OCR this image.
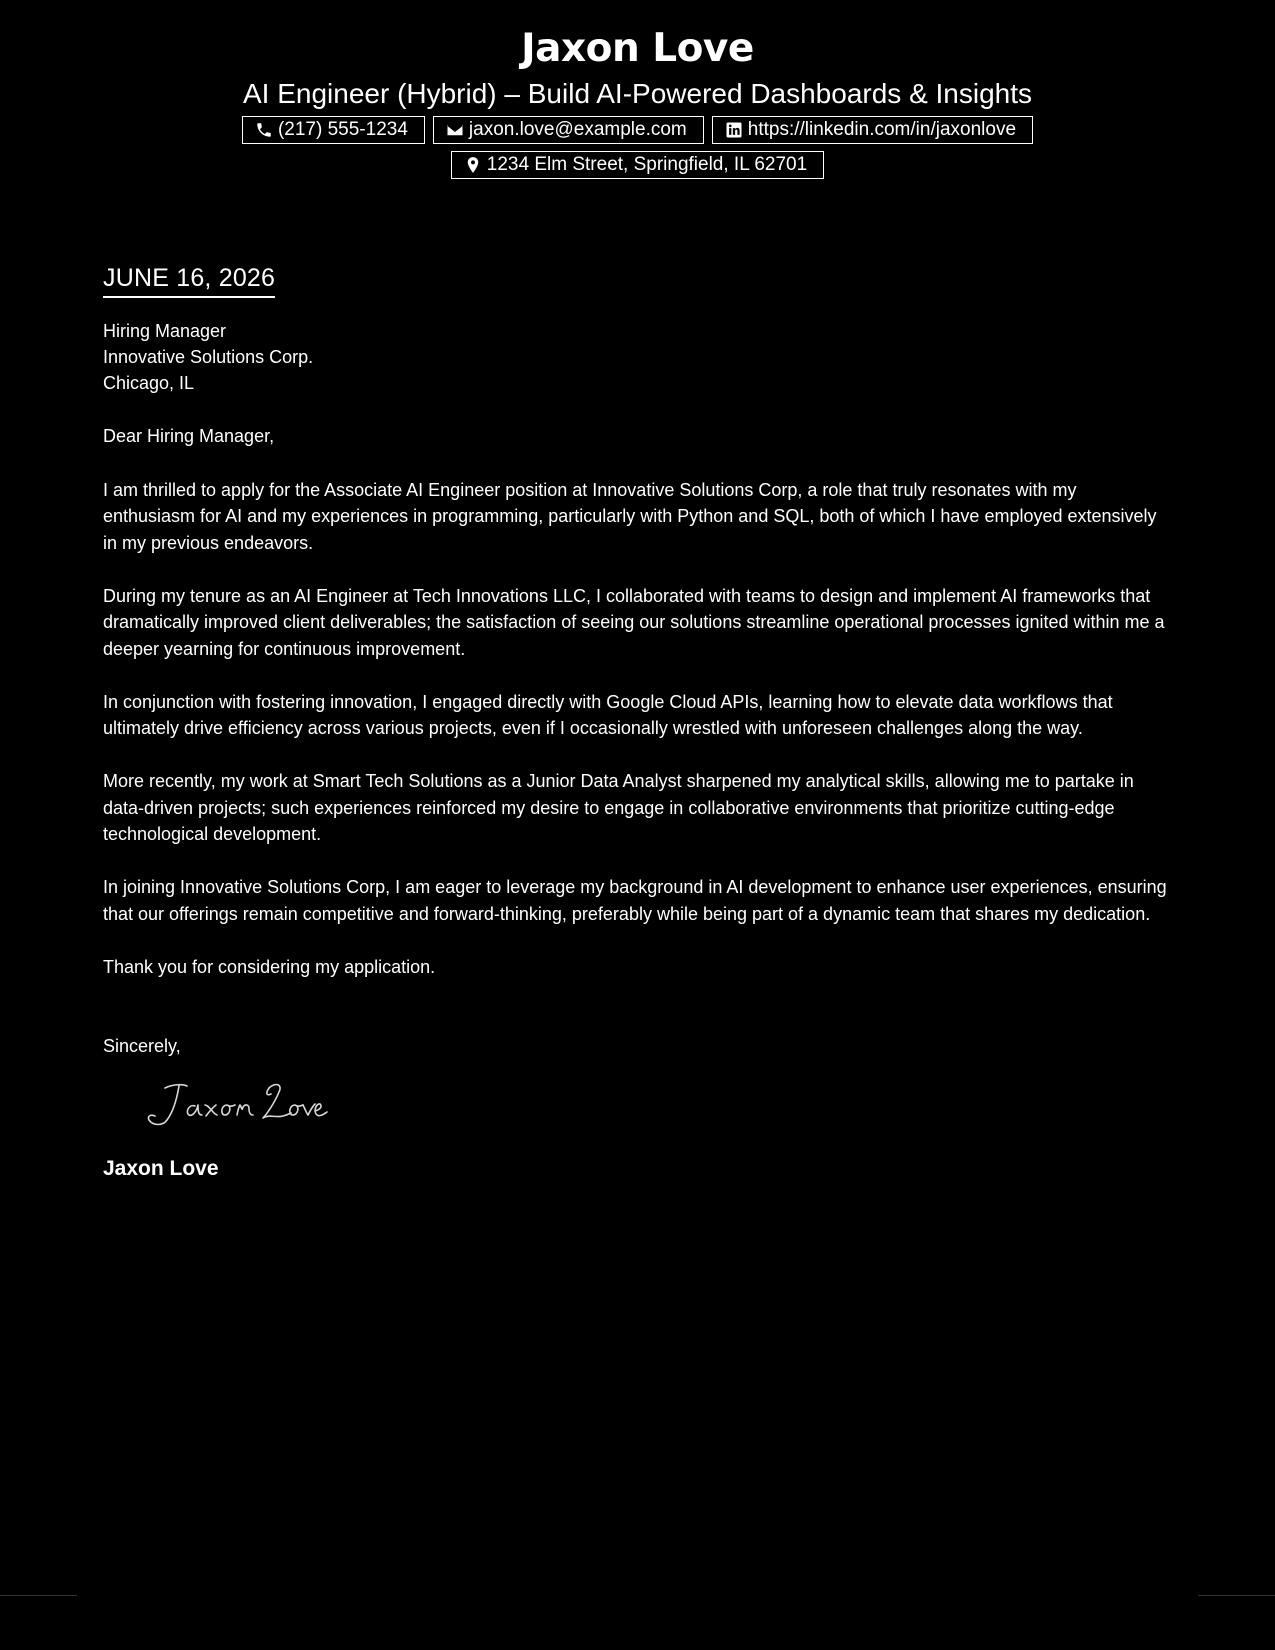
Jaxon Love
AI Engineer (Hybrid) – Build AI-Powered Dashboards & Insights
(217) 555-1234	jaxon.love@example.com	https://linkedin.com/in/jaxonlove
1234 Elm Street, Springfield, IL 62701
JUNE 16, 2026
Hiring Manager
Innovative Solutions Corp.
Chicago, IL
Dear Hiring Manager,

I am thrilled to apply for the Associate AI Engineer position at Innovative Solutions Corp, a role that truly resonates with my enthusiasm for AI and my experiences in programming, particularly with Python and SQL, both of which I have employed extensively in my previous endeavors.

During my tenure as an AI Engineer at Tech Innovations LLC, I collaborated with teams to design and implement AI frameworks that dramatically improved client deliverables; the satisfaction of seeing our solutions streamline operational processes ignited within me a deeper yearning for continuous improvement.

In conjunction with fostering innovation, I engaged directly with Google Cloud APIs, learning how to elevate data workflows that ultimately drive efficiency across various projects, even if I occasionally wrestled with unforeseen challenges along the way.

More recently, my work at Smart Tech Solutions as a Junior Data Analyst sharpened my analytical skills, allowing me to partake in data-driven projects; such experiences reinforced my desire to engage in collaborative environments that prioritize cutting-edge technological development.

In joining Innovative Solutions Corp, I am eager to leverage my background in AI development to enhance user experiences, ensuring that our offerings remain competitive and forward-thinking, preferably while being part of a dynamic team that shares my dedication.

Thank you for considering my application.
Sincerely,
Jaxon Love
